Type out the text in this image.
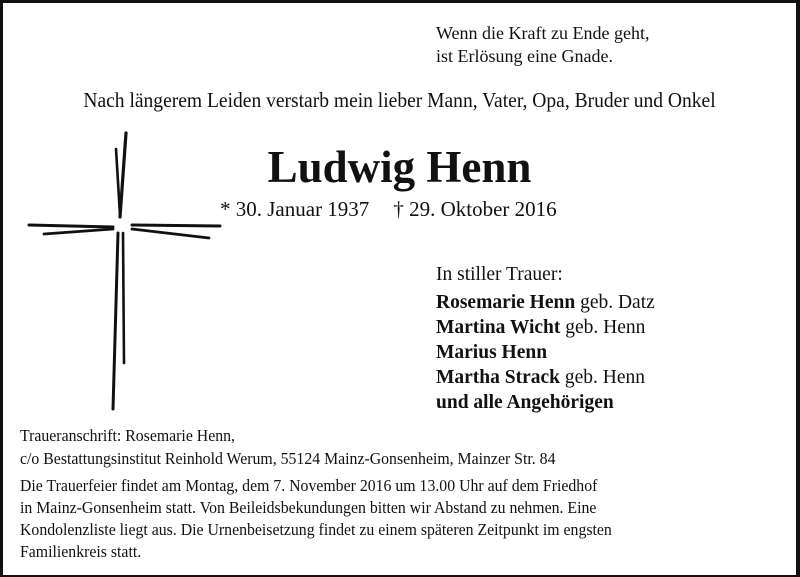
Wenn die Kraft zu Ende geht,
ist Erlösung eine Gnade.
Nach längerem Leiden verstarb mein lieber Mann, Vater, Opa, Bruder und Onkel
Ludwig Henn
* 30. Januar 1937 † 29. Oktober 2016
In stiller Trauer:
Rosemarie Henn geb. Datz
Martina Wicht geb. Henn
Marius Henn
Martha Strack geb. Henn
und alle Angehörigen
Traueranschrift: Rosemarie Henn,
c/o Bestattungsinstitut Reinhold Werum, 55124 Mainz-Gonsenheim, Mainzer Str. 84
Die Trauerfeier findet am Montag, dem 7. November 2016 um 13.00 Uhr auf dem Friedhof
in Mainz-Gonsenheim statt. Von Beileidsbekundungen bitten wir Abstand zu nehmen. Eine
Kondolenzliste liegt aus. Die Urnenbeisetzung findet zu einem späteren Zeitpunkt im engsten
Familienkreis statt.
